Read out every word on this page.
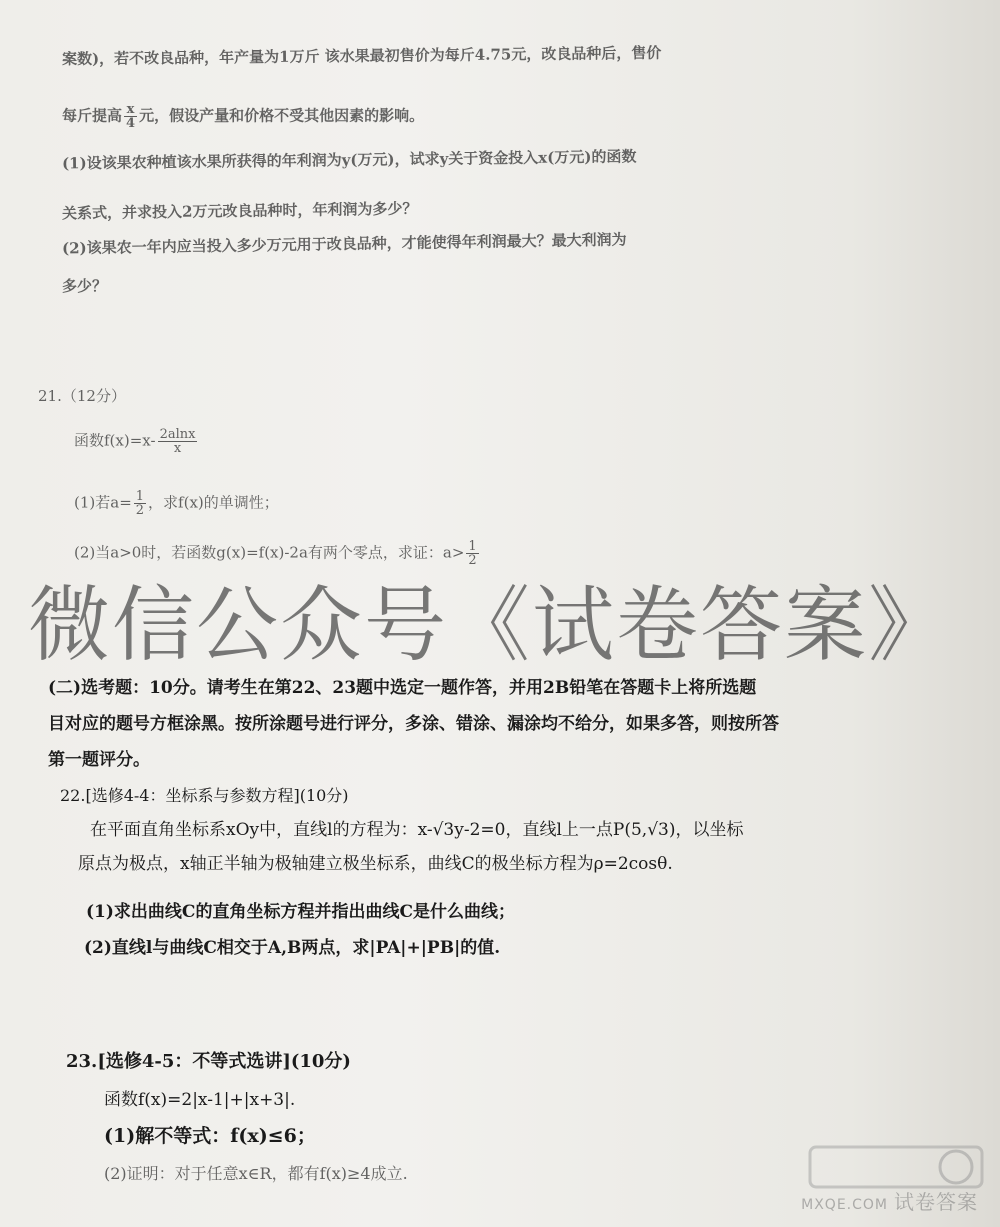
案数)，若不改良品种，年产量为1万斤 该水果最初售价为每斤4.75元，改良品种后，售价
每斤提高 $\frac{x}{4}$ 元，假设产量和价格不受其他因素的影响。
(1)设该果农种植该水果所获得的年利润为y(万元)，试求y关于资金投入x(万元)的函数
关系式，并求投入2万元改良品种时，年利润为多少？
(2)该果农一年内应当投入多少万元用于改良品种，才能使得年利润最大？最大利润为
多少？
21.（12分）
函数$f(x)=x- \frac{2alnx}{x}$
(1)若$a= \frac{1}{2}$ ，求f(x)的单调性；
(2)当a>0时，若函数g(x)=f(x)-2a有两个零点，求证：$a> \frac{1}{2}$
微信公众号《试卷答案》
(二)选考题：10分。请考生在第22、23题中选定一题作答，并用2B铅笔在答题卡上将所选题
目对应的题号方框涂黑。按所涂题号进行评分，多涂、错涂、漏涂均不给分，如果多答，则按所答
第一题评分。
22.[选修4-4：坐标系与参数方程](10分)
在平面直角坐标系xOy中，直线l的方程为：x-√3y-2=0，直线l上一点P(5,√3)，以坐标
原点为极点，x轴正半轴为极轴建立极坐标系，曲线C的极坐标方程为ρ=2cosθ.
(1)求出曲线C的直角坐标方程并指出曲线C是什么曲线；
(2)直线l与曲线C相交于A,B两点，求|PA|+|PB|的值.
23.[选修4-5：不等式选讲](10分)
函数f(x)=2|x-1|+|x+3|.
(1)解不等式：f(x)≤6；
(2)证明：对于任意x∈R，都有f(x)≥4成立.
MXQE.COM 试卷答案
